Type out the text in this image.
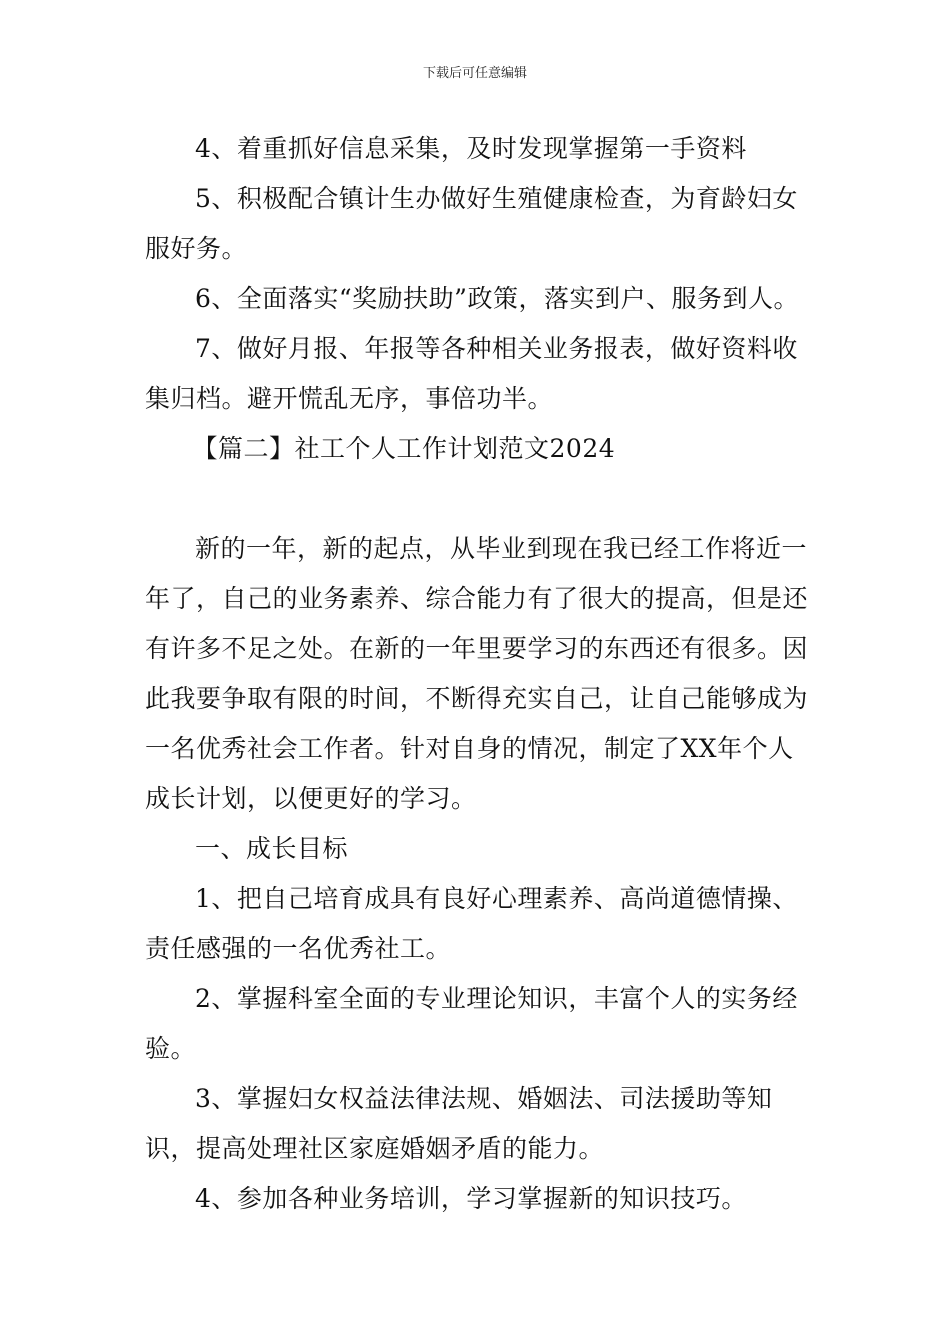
下载后可任意编辑

4、着重抓好信息采集，及时发现掌握第一手资料

5、积极配合镇计生办做好生殖健康检查，为育龄妇女服好务。

6、全面落实“奖励扶助”政策，落实到户、服务到人。

7、做好月报、年报等各种相关业务报表，做好资料收集归档。避开慌乱无序，事倍功半。

【篇二】社工个人工作计划范文2024

新的一年，新的起点，从毕业到现在我已经工作将近一年了，自己的业务素养、综合能力有了很大的提高，但是还有许多不足之处。在新的一年里要学习的东西还有很多。因此我要争取有限的时间，不断得充实自己，让自己能够成为一名优秀社会工作者。针对自身的情况，制定了XX年个人成长计划，以便更好的学习。

一、成长目标

1、把自己培育成具有良好心理素养、高尚道德情操、责任感强的一名优秀社工。

2、掌握科室全面的专业理论知识，丰富个人的实务经验。

3、掌握妇女权益法律法规、婚姻法、司法援助等知识，提高处理社区家庭婚姻矛盾的能力。

4、参加各种业务培训，学习掌握新的知识技巧。
